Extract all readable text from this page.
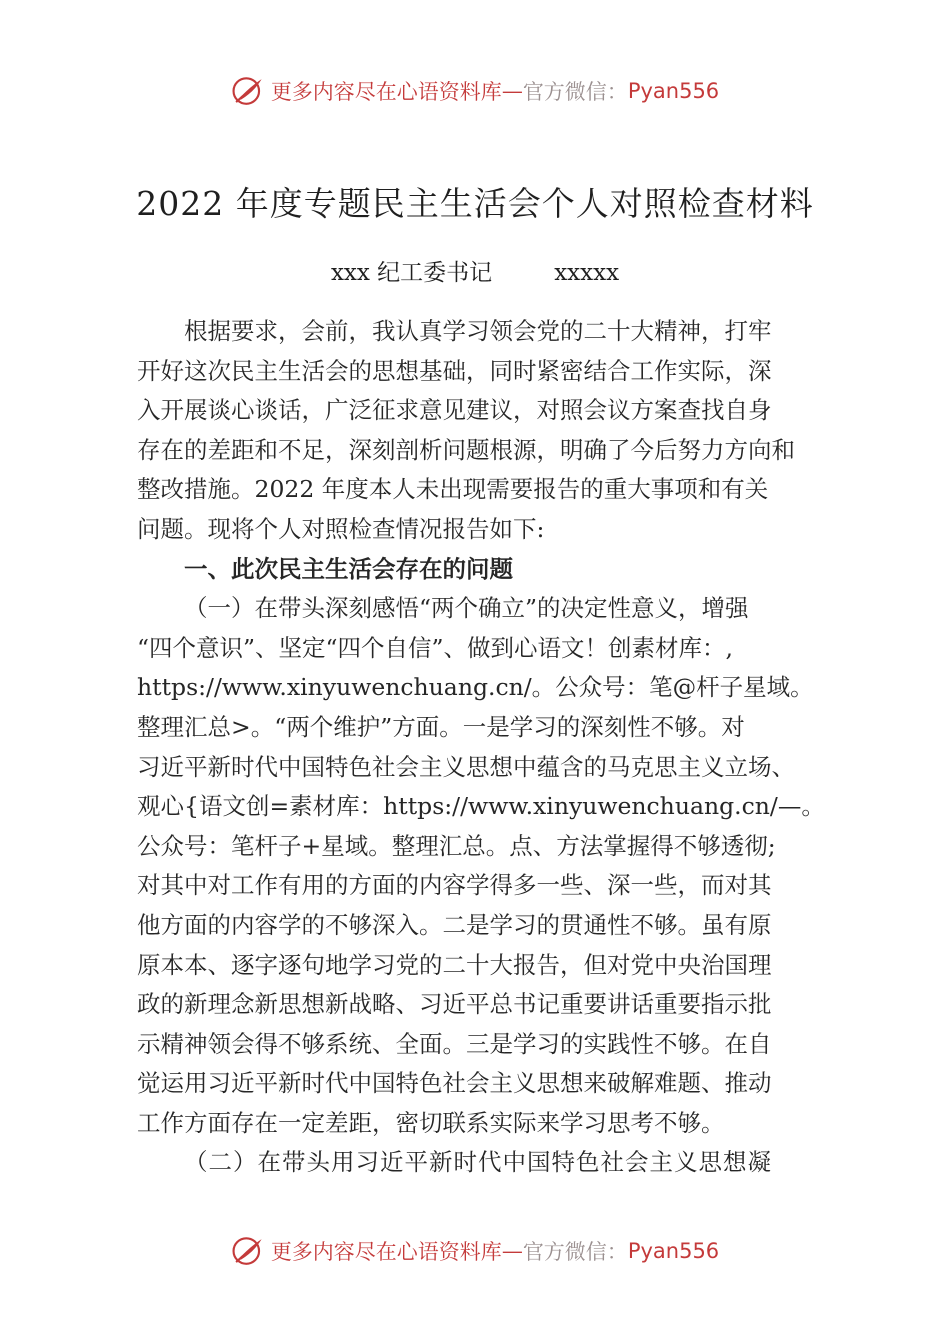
更多内容尽在心语资料库 — 官方微信： Pyan556
2022 年度专题民主生活会个人对照检查材料
xxx 纪工委书记	xxxxx
根据要求，会前，我认真学习领会党的二十大精神，打牢
开好这次民主生活会的思想基础，同时紧密结合工作实际，深
入开展谈心谈话，广泛征求意见建议，对照会议方案查找自身
存在的差距和不足，深刻剖析问题根源，明确了今后努力方向和
整改措施。2022 年度本人未出现需要报告的重大事项和有关
问题。现将个人对照检查情况报告如下:

一、此次民主生活会存在的问题

（一）在带头深刻感悟“两个确立”的决定性意义，增强
“四个意识”、坚定“四个自信”、做到心语文！创素材库：,
https://www.xinyuwenchuang.cn/。公众号：笔@杆子星域。
整理汇总>。“两个维护”方面。一是学习的深刻性不够。对
习近平新时代中国特色社会主义思想中蕴含的马克思主义立场、
观心{语文创=素材库：https://www.xinyuwenchuang.cn/—。
公众号：笔杆子+星域。整理汇总。点、方法掌握得不够透彻;
对其中对工作有用的方面的内容学得多一些、深一些，而对其
他方面的内容学的不够深入。二是学习的贯通性不够。虽有原
原本本、逐字逐句地学习党的二十大报告，但对党中央治国理
政的新理念新思想新战略、习近平总书记重要讲话重要指示批
示精神领会得不够系统、全面。三是学习的实践性不够。在自
觉运用习近平新时代中国特色社会主义思想来破解难题、推动
工作方面存在一定差距，密切联系实际来学习思考不够。

（二）在带头用习近平新时代中国特色社会主义思想凝

更多内容尽在心语资料库 — 官方微信： Pyan556
